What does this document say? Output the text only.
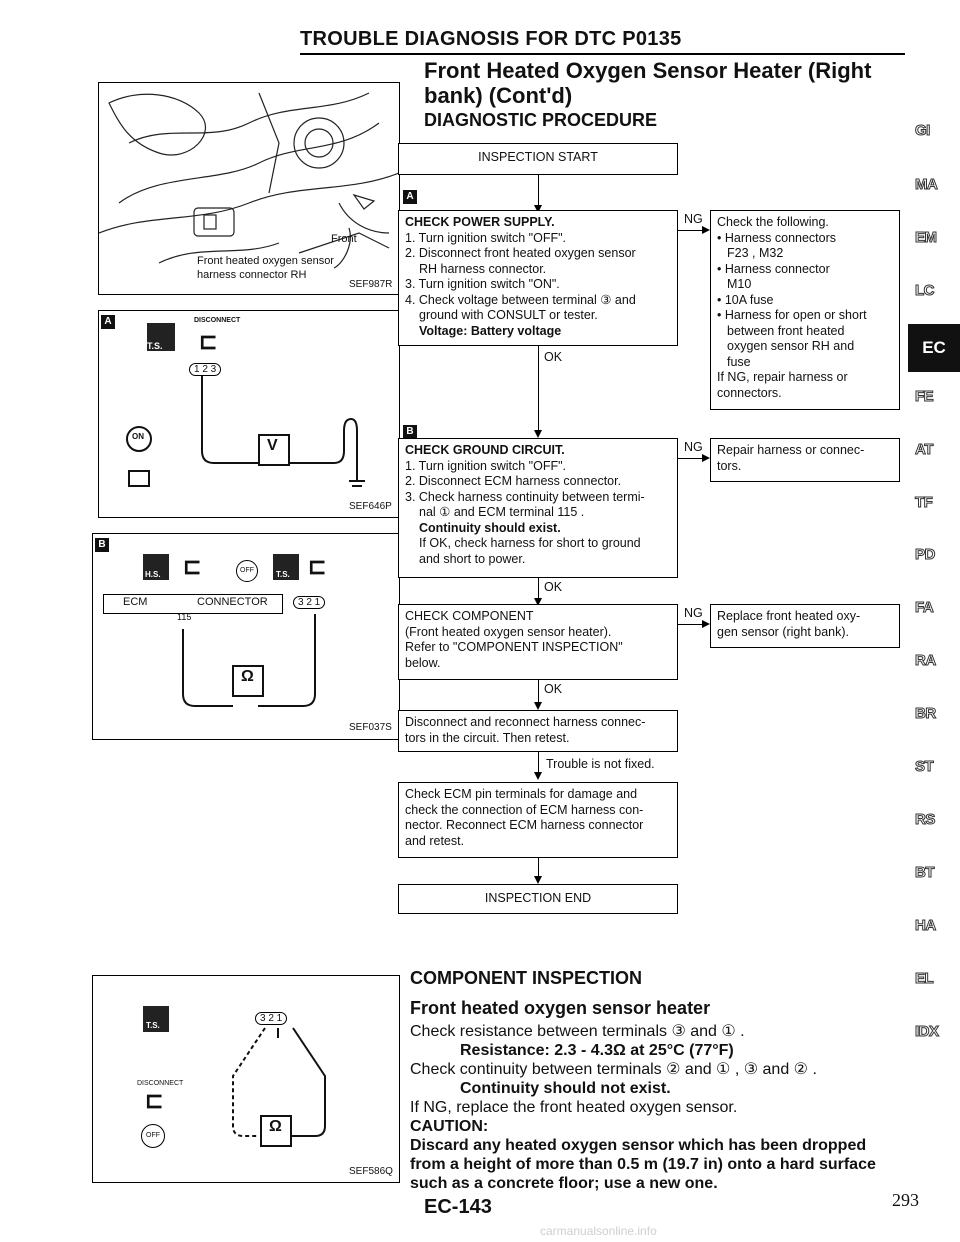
TROUBLE DIAGNOSIS FOR DTC P0135
Front Heated Oxygen Sensor Heater (Right bank) (Cont'd)
DIAGNOSTIC PROCEDURE
Front
Front heated oxygen sensor
harness connector RH
SEF987R
A
T.S.
DISCONNECT
⊏
1 2 3
V
ON
SEF646P
B
H.S. ⊏	OFF	T.S. ⊏
ECM	CONNECTOR
115
3 2 1
Ω
SEF037S
T.S.
DISCONNECT
⊏
OFF
3 2 1
Ω
SEF586Q
INSPECTION START
A
CHECK POWER SUPPLY.
1. Turn ignition switch "OFF".
2. Disconnect front heated oxygen sensor
RH harness connector.
3. Turn ignition switch "ON".
4. Check voltage between terminal ③ and
ground with CONSULT or tester.
Voltage: Battery voltage
NG Check the following.
• Harness connectors
F23 , M32
• Harness connector
M10
• 10A fuse
• Harness for open or short
between front heated
oxygen sensor RH and
fuse
If NG, repair harness or
connectors.
OK
B
CHECK GROUND CIRCUIT.
1. Turn ignition switch "OFF".
2. Disconnect ECM harness connector.
3. Check harness continuity between termi-
nal ① and ECM terminal 115 .
Continuity should exist.
If OK, check harness for short to ground
and short to power.
NG Repair harness or connec-
tors.
OK
CHECK COMPONENT
(Front heated oxygen sensor heater).
Refer to "COMPONENT INSPECTION"
below.
NG Replace front heated oxy-
gen sensor (right bank).
OK
Disconnect and reconnect harness connec-
tors in the circuit. Then retest.
Trouble is not fixed.
Check ECM pin terminals for damage and
check the connection of ECM harness con-
nector. Reconnect ECM harness connector
and retest.
INSPECTION END
GI
MA
EM
LC
EC
FE
AT
TF
PD
FA
RA
BR
ST
RS
BT
HA
EL
IDX
COMPONENT INSPECTION
Front heated oxygen sensor heater
Check resistance between terminals ③ and ① .
Resistance: 2.3 - 4.3Ω at 25°C (77°F)
Check continuity between terminals ② and ① , ③ and ② .
Continuity should not exist.
If NG, replace the front heated oxygen sensor.
CAUTION:
Discard any heated oxygen sensor which has been dropped
from a height of more than 0.5 m (19.7 in) onto a hard surface
such as a concrete floor; use a new one.
EC-143	293
carmanualsonline.info
